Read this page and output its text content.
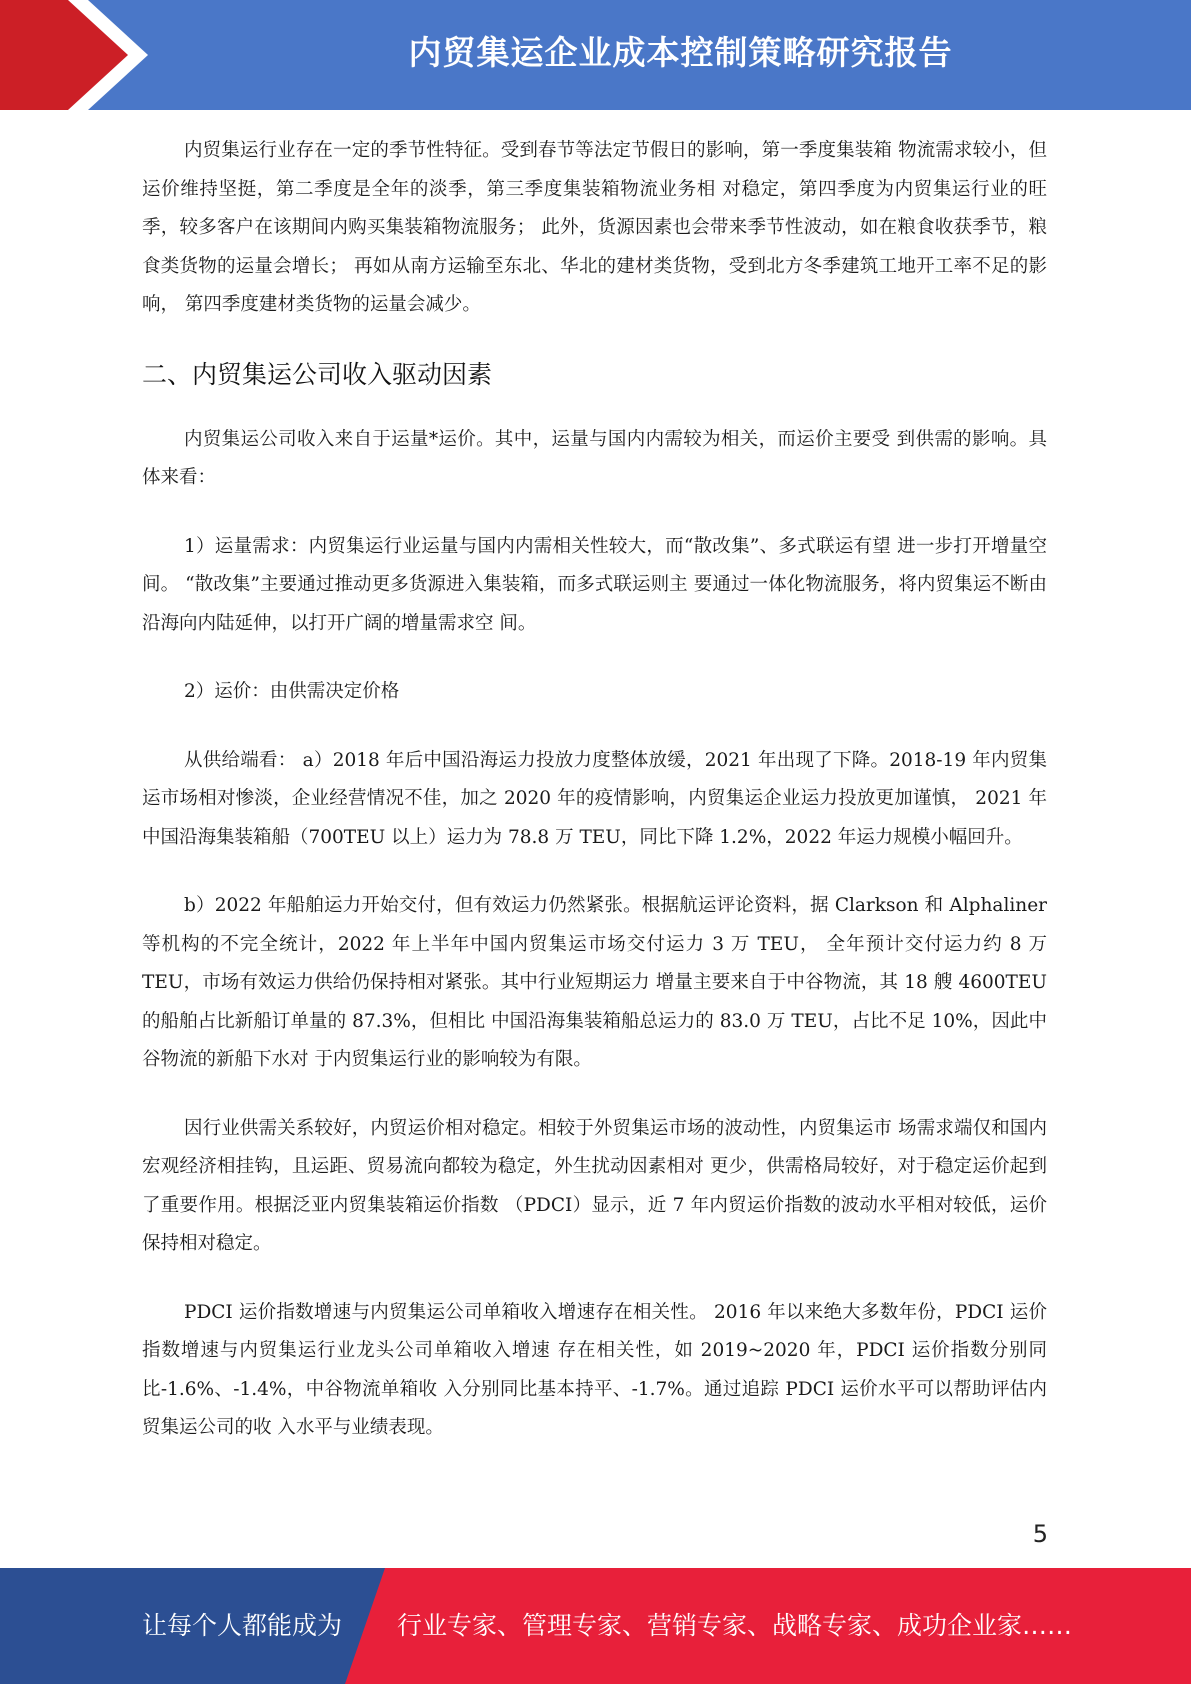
内贸集运企业成本控制策略研究报告

内贸集运行业存在一定的季节性特征。受到春节等法定节假日的影响，第一季度集装箱 物流需求较小，但运价维持坚挺，第二季度是全年的淡季，第三季度集装箱物流业务相 对稳定，第四季度为内贸集运行业的旺季，较多客户在该期间内购买集装箱物流服务； 此外，货源因素也会带来季节性波动，如在粮食收获季节，粮食类货物的运量会增长； 再如从南方运输至东北、华北的建材类货物，受到北方冬季建筑工地开工率不足的影响， 第四季度建材类货物的运量会减少。

二、内贸集运公司收入驱动因素

内贸集运公司收入来自于运量*运价。其中，运量与国内内需较为相关，而运价主要受 到供需的影响。具体来看：

1）运量需求：内贸集运行业运量与国内内需相关性较大，而“散改集”、多式联运有望 进一步打开增量空间。 “散改集”主要通过推动更多货源进入集装箱，而多式联运则主 要通过一体化物流服务，将内贸集运不断由沿海向内陆延伸，以打开广阔的增量需求空 间。

2）运价：由供需决定价格

从供给端看： a）2018 年后中国沿海运力投放力度整体放缓，2021 年出现了下降。2018-19 年内贸集 运市场相对惨淡，企业经营情况不佳，加之 2020 年的疫情影响，内贸集运企业运力投放更加谨慎， 2021 年中国沿海集装箱船（700TEU 以上）运力为 78.8 万 TEU，同比下降 1.2%，2022 年运力规模小幅回升。

b）2022 年船舶运力开始交付，但有效运力仍然紧张。根据航运评论资料，据 Clarkson 和 Alphaliner 等机构的不完全统计，2022 年上半年中国内贸集运市场交付运力 3 万 TEU， 全年预计交付运力约 8 万 TEU，市场有效运力供给仍保持相对紧张。其中行业短期运力 增量主要来自于中谷物流，其 18 艘 4600TEU 的船舶占比新船订单量的 87.3%，但相比 中国沿海集装箱船总运力的 83.0 万 TEU，占比不足 10%，因此中谷物流的新船下水对 于内贸集运行业的影响较为有限。

因行业供需关系较好，内贸运价相对稳定。相较于外贸集运市场的波动性，内贸集运市 场需求端仅和国内宏观经济相挂钩，且运距、贸易流向都较为稳定，外生扰动因素相对 更少，供需格局较好，对于稳定运价起到了重要作用。根据泛亚内贸集装箱运价指数 （PDCI）显示，近 7 年内贸运价指数的波动水平相对较低，运价保持相对稳定。

PDCI 运价指数增速与内贸集运公司单箱收入增速存在相关性。 2016 年以来绝大多数年份，PDCI 运价指数增速与内贸集运行业龙头公司单箱收入增速 存在相关性，如 2019~2020 年，PDCI 运价指数分别同比-1.6%、-1.4%，中谷物流单箱收 入分别同比基本持平、-1.7%。通过追踪 PDCI 运价水平可以帮助评估内贸集运公司的收 入水平与业绩表现。

5
让每个人都能成为 行业专家、管理专家、营销专家、战略专家、成功企业家……
